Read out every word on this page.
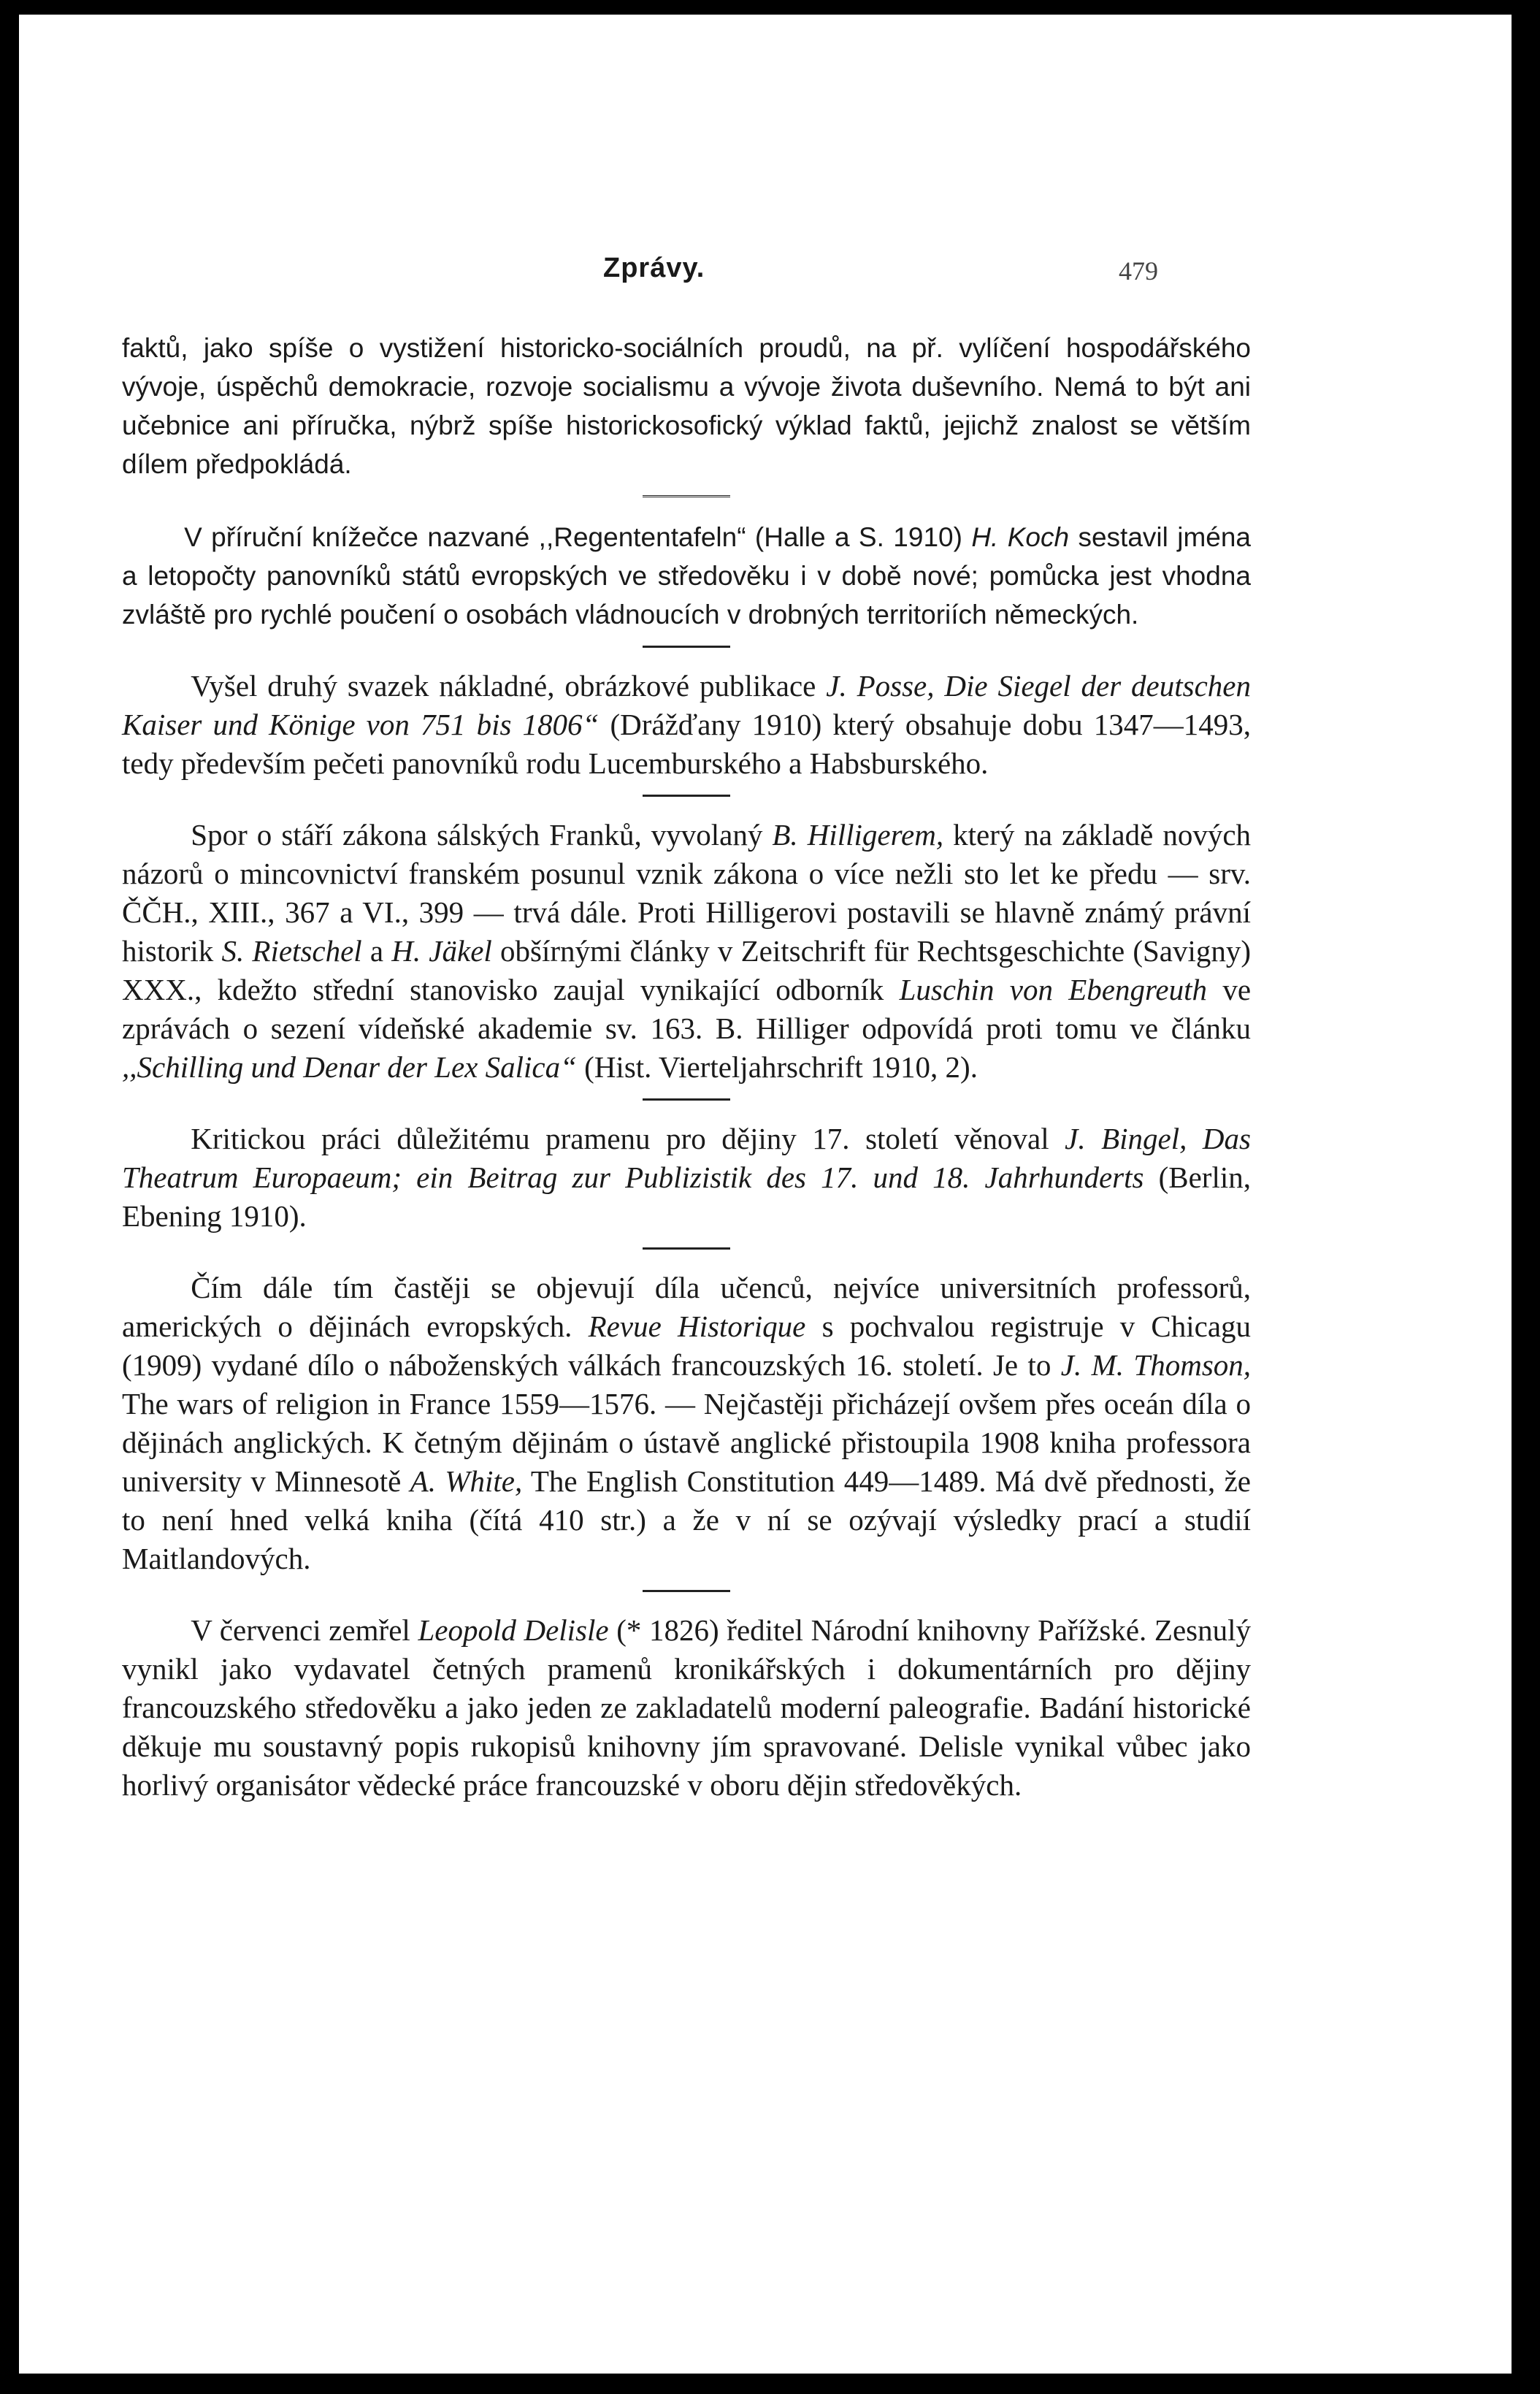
Zprávy.	479

faktů, jako spíše o vystižení historicko-sociálních proudů, na př. vylíčení hospodářského vývoje, úspěchů demokracie, rozvoje socialismu a vývoje života duševního. Nemá to být ani učebnice ani příručka, nýbrž spíše historickosofický výklad faktů, jejichž znalost se větším dílem předpokládá.

V příruční knížečce nazvané ,,Regententafeln“ (Halle a S. 1910) H. Koch sestavil jména a letopočty panovníků států evropských ve středověku i v době nové; pomůcka jest vhodna zvláště pro rychlé poučení o osobách vládnoucích v drobných territoriích německých.

Vyšel druhý svazek nákladné, obrázkové publikace J. Posse, Die Siegel der deutschen Kaiser und Könige von 751 bis 1806“ (Drážďany 1910) který obsahuje dobu 1347—1493, tedy především pečeti panovníků rodu Lucemburského a Habsburského.

Spor o stáří zákona sálských Franků, vyvolaný B. Hilligerem, který na základě nových názorů o mincovnictví franském posunul vznik zákona o více nežli sto let ke předu — srv. ČČH., XIII., 367 a VI., 399 — trvá dále. Proti Hilligerovi postavili se hlavně známý právní historik S. Rietschel a H. Jäkel obšírnými články v Zeitschrift für Rechtsgeschichte (Savigny) XXX., kdežto střední stanovisko zaujal vynikající odborník Luschin von Ebengreuth ve zprávách o sezení vídeňské akademie sv. 163. B. Hilliger odpovídá proti tomu ve článku ,,Schilling und Denar der Lex Salica“ (Hist. Vierteljahrschrift 1910, 2).

Kritickou práci důležitému pramenu pro dějiny 17. století věnoval J. Bingel, Das Theatrum Europaeum; ein Beitrag zur Publizistik des 17. und 18. Jahrhunderts (Berlin, Ebening 1910).

Čím dále tím častěji se objevují díla učenců, nejvíce universitních professorů, amerických o dějinách evropských. Revue Historique s pochvalou registruje v Chicagu (1909) vydané dílo o náboženských válkách francouzských 16. století. Je to J. M. Thomson, The wars of religion in France 1559—1576. — Nejčastěji přicházejí ovšem přes oceán díla o dějinách anglických. K četným dějinám o ústavě anglické přistoupila 1908 kniha professora university v Minnesotě A. White, The English Constitution 449—1489. Má dvě přednosti, že to není hned velká kniha (čítá 410 str.) a že v ní se ozývají výsledky prací a studií Maitlandových.

V červenci zemřel Leopold Delisle (* 1826) ředitel Národní knihovny Pařížské. Zesnulý vynikl jako vydavatel četných pramenů kronikářských i dokumentárních pro dějiny francouzského středověku a jako jeden ze zakladatelů moderní paleografie. Badání historické děkuje mu soustavný popis rukopisů knihovny jím spravované. Delisle vynikal vůbec jako horlivý organisátor vědecké práce francouzské v oboru dějin středověkých.
